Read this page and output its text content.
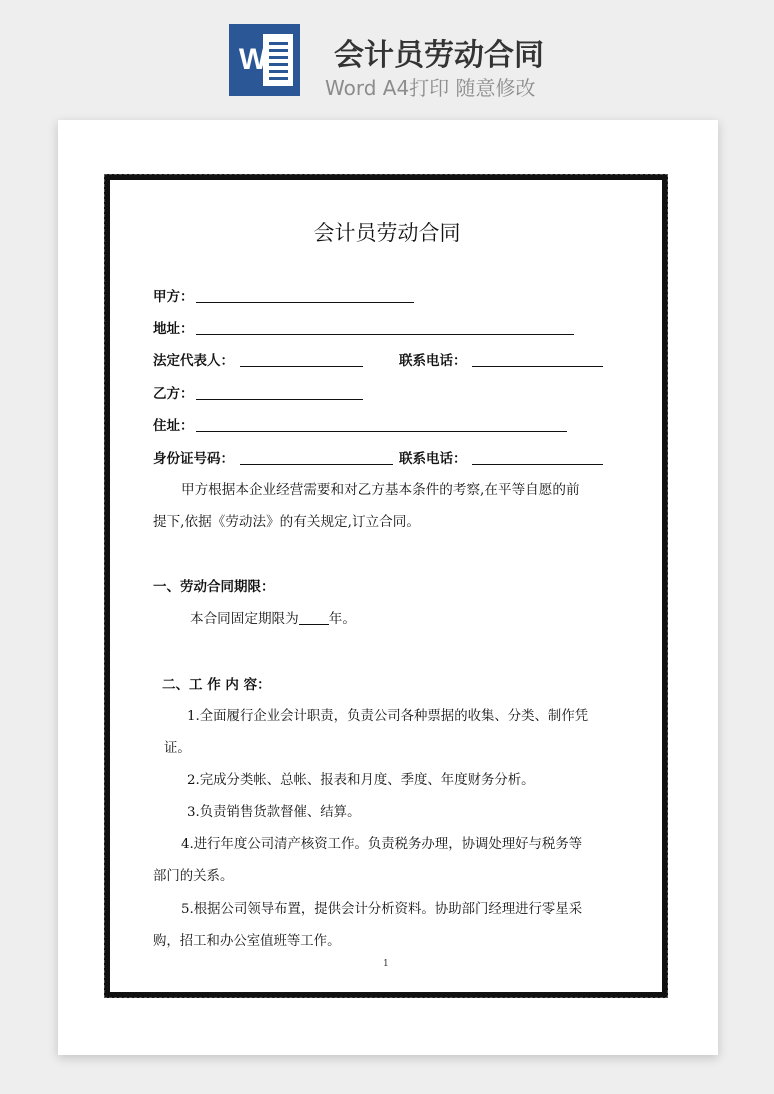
W 会计员劳动合同
Word A4打印 随意修改
会计员劳动合同
甲方：
地址：
法定代表人：	联系电话：
乙方：
住址：
身份证号码：	联系电话：
甲方根据本企业经营需要和对乙方基本条件的考察,在平等自愿的前
提下,依据《劳动法》的有关规定,订立合同。
一、劳动合同期限：
本合同固定期限为 年。
二、工 作 内 容：
1.全面履行企业会计职责，负责公司各种票据的收集、分类、制作凭
证。
2.完成分类帐、总帐、报表和月度、季度、年度财务分析。
3.负责销售货款督催、结算。
4.进行年度公司清产核资工作。负责税务办理，协调处理好与税务等
部门的关系。
5.根据公司领导布置，提供会计分析资料。协助部门经理进行零星采
购，招工和办公室值班等工作。
1
